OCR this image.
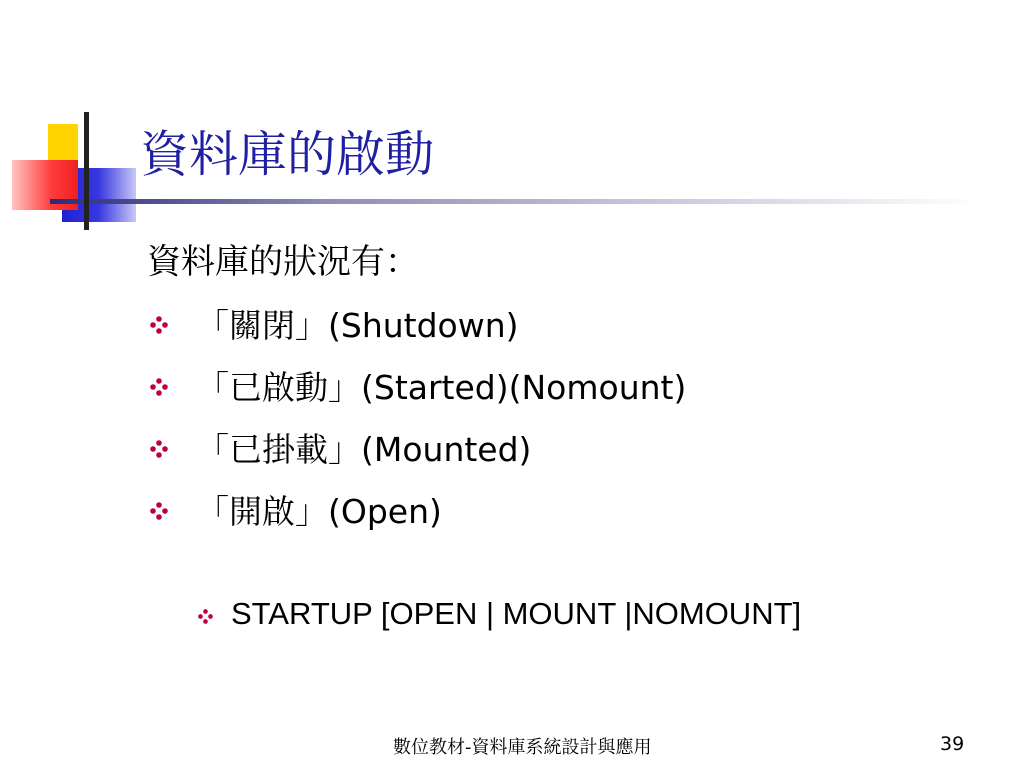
資料庫的啟動
資料庫的狀況有：
「關閉」(Shutdown)
「已啟動」(Started)(Nomount)
「已掛載」(Mounted)
「開啟」(Open)
STARTUP [OPEN | MOUNT |NOMOUNT]
數位教材-資料庫系統設計與應用	39
